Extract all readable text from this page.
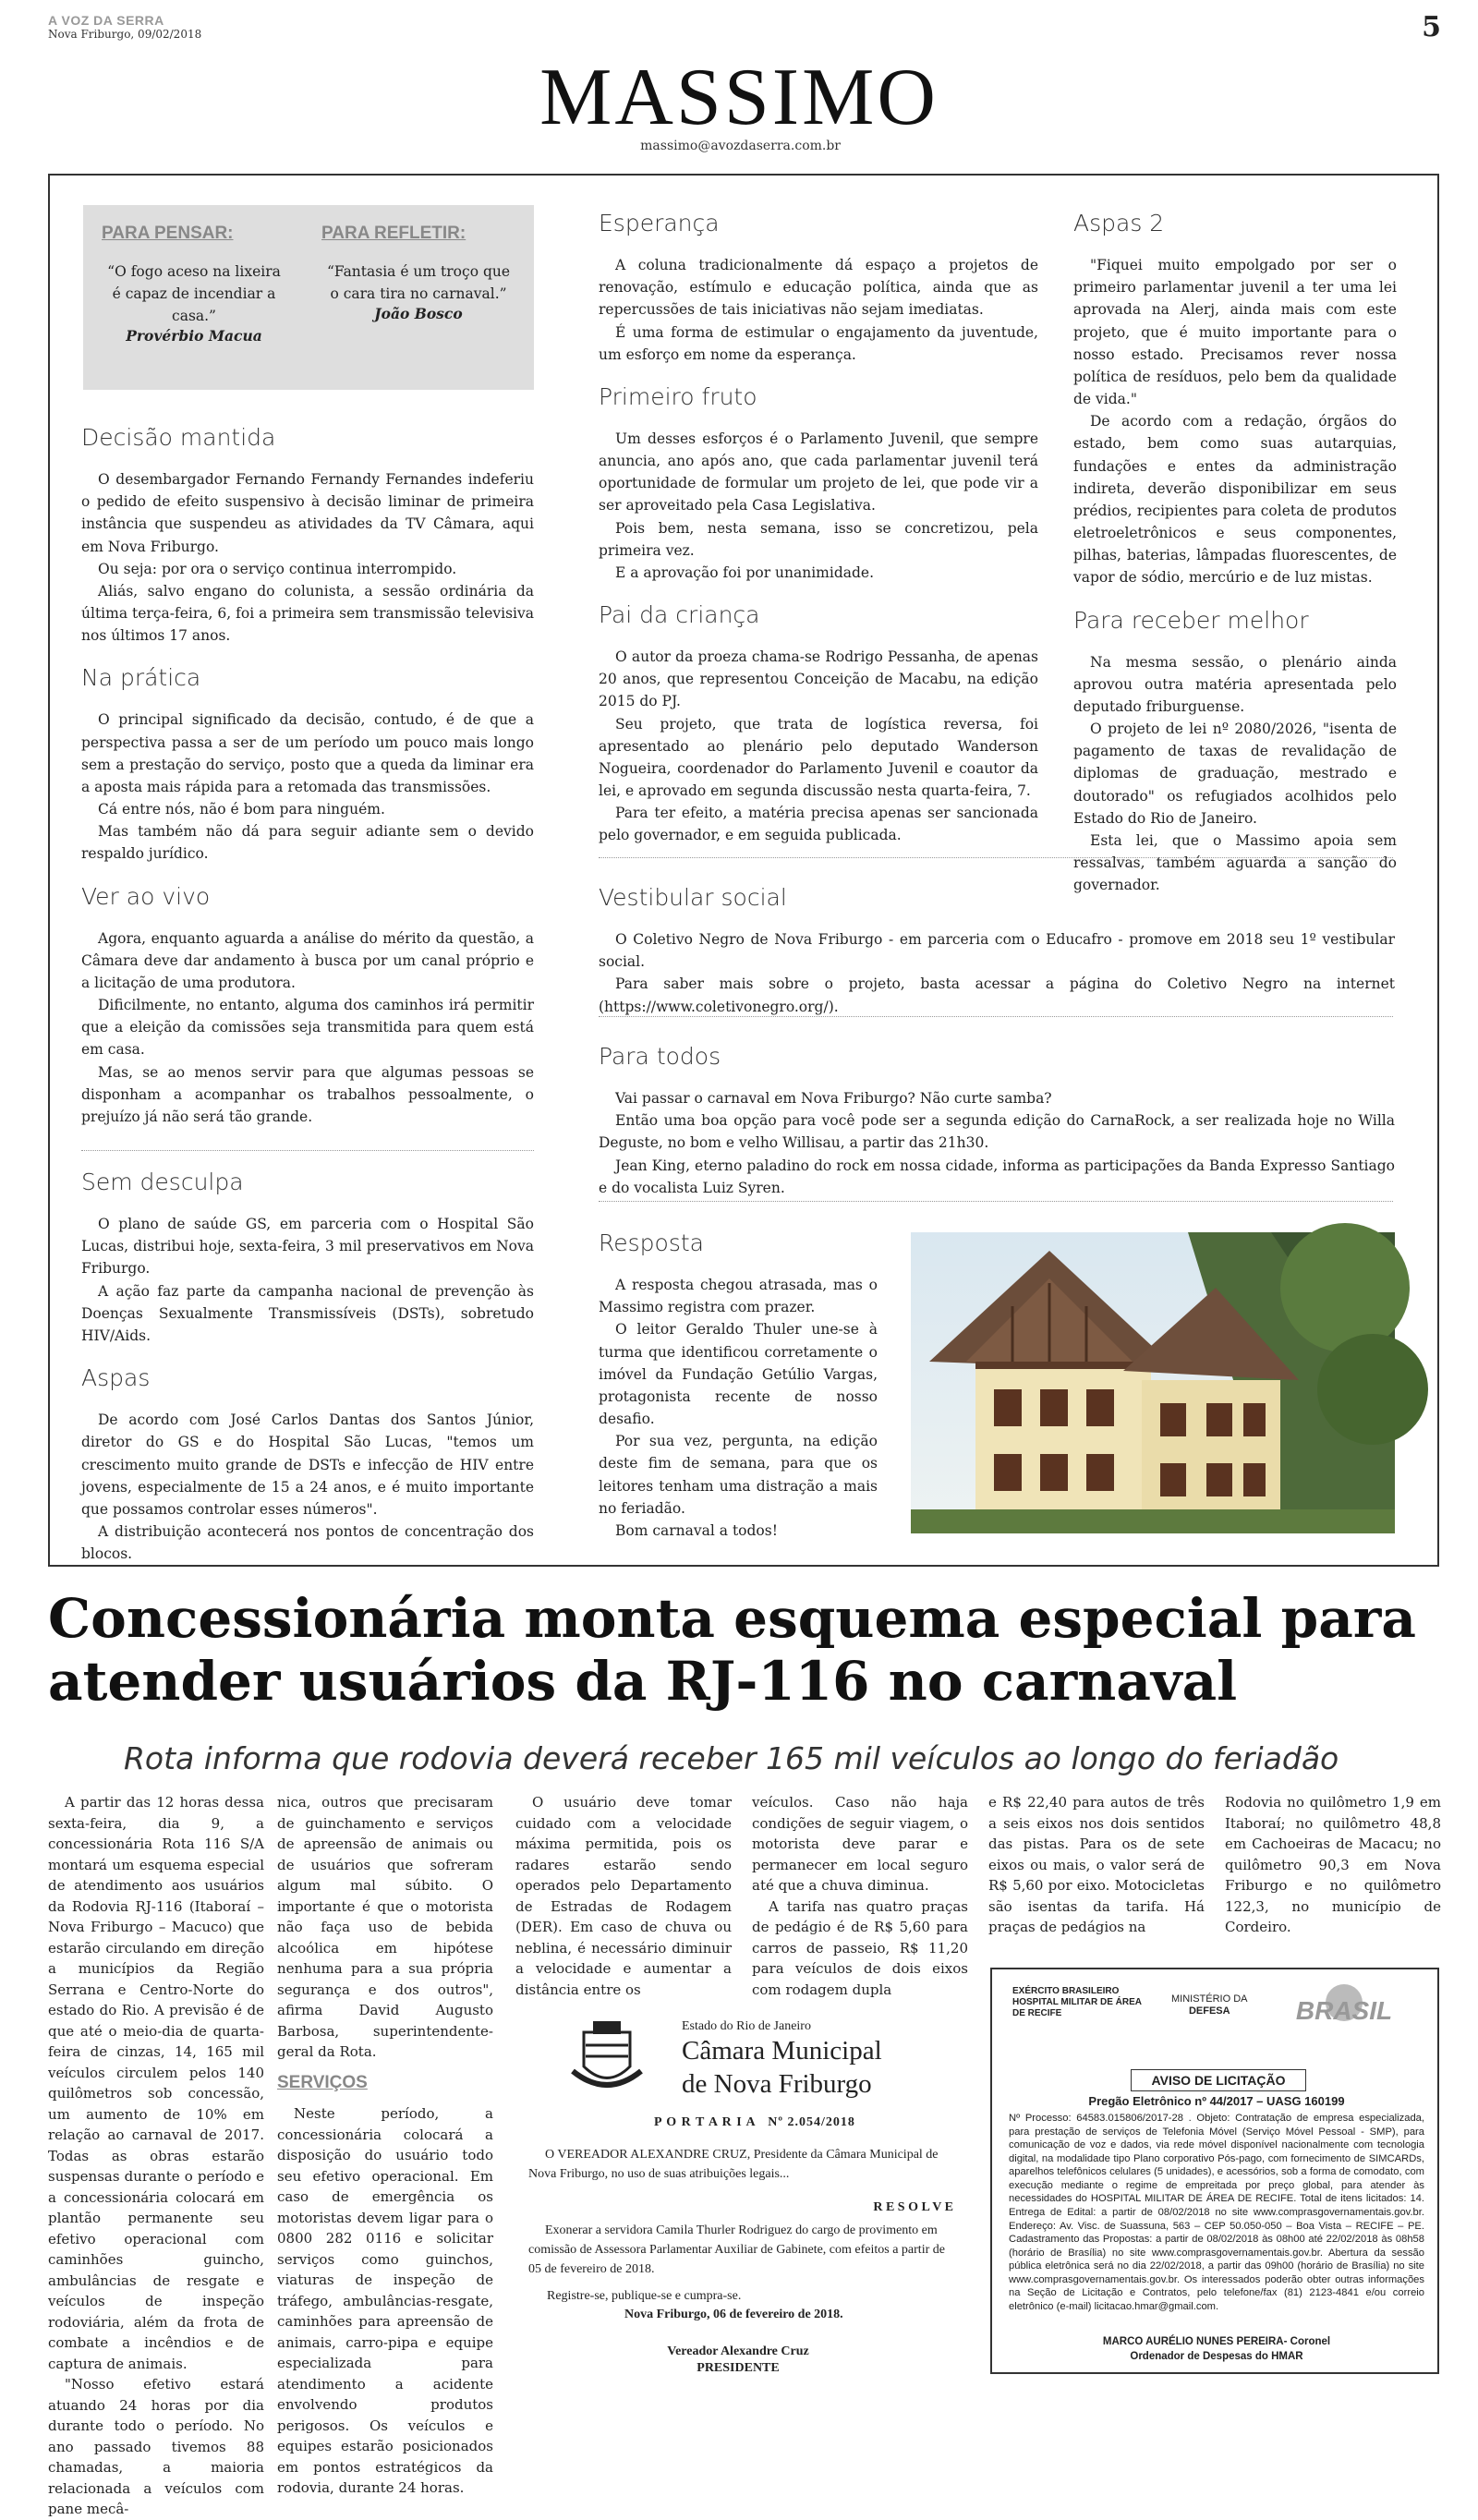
A VOZ DA SERRA
Nova Friburgo, 09/02/2018	5
MASSIMO
massimo@avozdaserra.com.br
PARA PENSAR:
“O fogo aceso na lixeira é capaz de incendiar a casa.”
Provérbio Macua
PARA REFLETIR:
“Fantasia é um troço que o cara tira no carnaval.”
João Bosco
Decisão mantida

O desembargador Fernando Fernandy Fernandes indeferiu o pedido de efeito suspensivo à decisão liminar de primeira instância que suspendeu as atividades da TV Câmara, aqui em Nova Friburgo.

Ou seja: por ora o serviço continua interrompido.

Aliás, salvo engano do colunista, a sessão ordinária da última terça-feira, 6, foi a primeira sem transmissão televisiva nos últimos 17 anos.

Na prática

O principal significado da decisão, contudo, é de que a perspectiva passa a ser de um período um pouco mais longo sem a prestação do serviço, posto que a queda da liminar era a aposta mais rápida para a retomada das transmissões.

Cá entre nós, não é bom para ninguém.

Mas também não dá para seguir adiante sem o devido respaldo jurídico.

Ver ao vivo

Agora, enquanto aguarda a análise do mérito da questão, a Câmara deve dar andamento à busca por um canal próprio e a licitação de uma produtora.

Dificilmente, no entanto, alguma dos caminhos irá permitir que a eleição da comissões seja transmitida para quem está em casa.

Mas, se ao menos servir para que algumas pessoas se disponham a acompanhar os trabalhos pessoalmente, o prejuízo já não será tão grande.

Sem desculpa

O plano de saúde GS, em parceria com o Hospital São Lucas, distribui hoje, sexta-feira, 3 mil preservativos em Nova Friburgo.

A ação faz parte da campanha nacional de prevenção às Doenças Sexualmente Transmissíveis (DSTs), sobretudo HIV/Aids.

Aspas

De acordo com José Carlos Dantas dos Santos Júnior, diretor do GS e do Hospital São Lucas, "temos um crescimento muito grande de DSTs e infecção de HIV entre jovens, especialmente de 15 a 24 anos, e é muito importante que possamos controlar esses números".

A distribuição acontecerá nos pontos de concentração dos blocos.

Esperança

A coluna tradicionalmente dá espaço a projetos de renovação, estímulo e educação política, ainda que as repercussões de tais iniciativas não sejam imediatas.

É uma forma de estimular o engajamento da juventude, um esforço em nome da esperança.

Primeiro fruto

Um desses esforços é o Parlamento Juvenil, que sempre anuncia, ano após ano, que cada parlamentar juvenil terá oportunidade de formular um projeto de lei, que pode vir a ser aproveitado pela Casa Legislativa.

Pois bem, nesta semana, isso se concretizou, pela primeira vez.

E a aprovação foi por unanimidade.

Pai da criança

O autor da proeza chama-se Rodrigo Pessanha, de apenas 20 anos, que representou Conceição de Macabu, na edição 2015 do PJ.

Seu projeto, que trata de logística reversa, foi apresentado ao plenário pelo deputado Wanderson Nogueira, coordenador do Parlamento Juvenil e coautor da lei, e aprovado em segunda discussão nesta quarta-feira, 7.

Para ter efeito, a matéria precisa apenas ser sancionada pelo governador, e em seguida publicada.

Aspas 2

"Fiquei muito empolgado por ser o primeiro parlamentar juvenil a ter uma lei aprovada na Alerj, ainda mais com este projeto, que é muito importante para o nosso estado. Precisamos rever nossa política de resíduos, pelo bem da qualidade de vida."

De acordo com a redação, órgãos do estado, bem como suas autarquias, fundações e entes da administração indireta, deverão disponibilizar em seus prédios, recipientes para coleta de produtos eletroeletrônicos e seus componentes, pilhas, baterias, lâmpadas fluorescentes, de vapor de sódio, mercúrio e de luz mistas.

Para receber melhor

Na mesma sessão, o plenário ainda aprovou outra matéria apresentada pelo deputado friburguense.

O projeto de lei nº 2080/2026, "isenta de pagamento de taxas de revalidação de diplomas de graduação, mestrado e doutorado" os refugiados acolhidos pelo Estado do Rio de Janeiro.

Esta lei, que o Massimo apoia sem ressalvas, também aguarda a sanção do governador.

Vestibular social

O Coletivo Negro de Nova Friburgo - em parceria com o Educafro - promove em 2018 seu 1º vestibular social.

Para saber mais sobre o projeto, basta acessar a página do Coletivo Negro na internet (https://www.coletivonegro.org/).

Para todos

Vai passar o carnaval em Nova Friburgo? Não curte samba?

Então uma boa opção para você pode ser a segunda edição do CarnaRock, a ser realizada hoje no Willa Deguste, no bom e velho Willisau, a partir das 21h30.

Jean King, eterno paladino do rock em nossa cidade, informa as participações da Banda Expresso Santiago e do vocalista Luiz Syren.

Resposta

A resposta chegou atrasada, mas o Massimo registra com prazer.

O leitor Geraldo Thuler une-se à turma que identificou corretamente o imóvel da Fundação Getúlio Vargas, protagonista recente de nosso desafio.

Por sua vez, pergunta, na edição deste fim de semana, para que os leitores tenham uma distração a mais no feriadão.

Bom carnaval a todos!

Concessionária monta esquema especial para atender usuários da RJ-116 no carnaval
Rota informa que rodovia deverá receber 165 mil veículos ao longo do feriadão

A partir das 12 horas dessa sexta-feira, dia 9, a concessionária Rota 116 S/A montará um esquema especial de atendimento aos usuários da Rodovia RJ-116 (Itaboraí – Nova Friburgo – Macuco) que estarão circulando em direção a municípios da Região Serrana e Centro-Norte do estado do Rio. A previsão é de que até o meio-dia de quarta-feira de cinzas, 14, 165 mil veículos circulem pelos 140 quilômetros sob concessão, um aumento de 10% em relação ao carnaval de 2017. Todas as obras estarão suspensas durante o período e a concessionária colocará em plantão permanente seu efetivo operacional com caminhões guincho, ambulâncias de resgate e veículos de inspeção rodoviária, além da frota de combate a incêndios e de captura de animais.

"Nosso efetivo estará atuando 24 horas por dia durante todo o período. No ano passado tivemos 88 chamadas, a maioria relacionada a veículos com pane mecâ-

nica, outros que precisaram de guinchamento e serviços de apreensão de animais ou de usuários que sofreram algum mal súbito. O importante é que o motorista não faça uso de bebida alcoólica em hipótese nenhuma para a sua própria segurança e dos outros", afirma David Augusto Barbosa, superintendente-geral da Rota.

SERVIÇOS

Neste período, a concessionária colocará a disposição do usuário todo seu efetivo operacional. Em caso de emergência os motoristas devem ligar para o 0800 282 0116 e solicitar serviços como guinchos, viaturas de inspeção de tráfego, ambulâncias-resgate, caminhões para apreensão de animais, carro-pipa e equipe especializada para atendimento a acidente envolvendo produtos perigosos. Os veículos e equipes estarão posicionados em pontos estratégicos da rodovia, durante 24 horas.

O usuário deve tomar cuidado com a velocidade máxima permitida, pois os radares estarão sendo operados pelo Departamento de Estradas de Rodagem (DER). Em caso de chuva ou neblina, é necessário diminuir a velocidade e aumentar a distância entre os

veículos. Caso não haja condições de seguir viagem, o motorista deve parar e permanecer em local seguro até que a chuva diminua.

A tarifa nas quatro praças de pedágio é de R$ 5,60 para carros de passeio, R$ 11,20 para veículos de dois eixos com rodagem dupla

e R$ 22,40 para autos de três a seis eixos nos dois sentidos das pistas. Para os de sete eixos ou mais, o valor será de R$ 5,60 por eixo. Motocicletas são isentas da tarifa. Há praças de pedágios na

Rodovia no quilômetro 1,9 em Itaboraí; no quilômetro 48,8 em Cachoeiras de Macacu; no quilômetro 90,3 em Nova Friburgo e no quilômetro 122,3, no município de Cordeiro.

Estado do Rio de Janeiro
Câmara Municipal
de Nova Friburgo
P O R T A R I A   Nº 2.054/2018
O VEREADOR ALEXANDRE CRUZ, Presidente da Câmara Municipal de Nova Friburgo, no uso de suas atribuições legais...
R E S O L V E
Exonerar a servidora Camila Thurler Rodriguez do cargo de provimento em comissão de Assessora Parlamentar Auxiliar de Gabinete, com efeitos a partir de 05 de fevereiro de 2018.
Registre-se, publique-se e cumpra-se.
Nova Friburgo, 06 de fevereiro de 2018.
Vereador Alexandre Cruz
PRESIDENTE
EXÉRCITO BRASILEIRO
HOSPITAL MILITAR DE ÁREA
DE RECIFE
MINISTÉRIO DA
DEFESA	BRASIL
AVISO DE LICITAÇÃO
Pregão Eletrônico nº 44/2017 – UASG 160199
Nº Processo: 64583.015806/2017-28 . Objeto: Contratação de empresa especializada, para prestação de serviços de Telefonia Móvel (Serviço Móvel Pessoal - SMP), para comunicação de voz e dados, via rede móvel disponível nacionalmente com tecnologia digital, na modalidade tipo Plano corporativo Pós-pago, com fornecimento de SIMCARDs, aparelhos telefônicos celulares (5 unidades), e acessórios, sob a forma de comodato, com execução mediante o regime de empreitada por preço global, para atender às necessidades do HOSPITAL MILITAR DE ÁREA DE RECIFE. Total de itens licitados: 14. Entrega de Edital: a partir de 08/02/2018 no site www.comprasgovernamentais.gov.br. Endereço: Av. Visc. de Suassuna, 563 – CEP 50.050-050 – Boa Vista – RECIFE – PE. Cadastramento das Propostas: a partir de 08/02/2018 às 08h00 até 22/02/2018 às 08h58 (horário de Brasília) no site www.comprasgovernamentais.gov.br. Abertura da sessão pública eletrônica será no dia 22/02/2018, a partir das 09h00 (horário de Brasília) no site www.comprasgovernamentais.gov.br. Os interessados poderão obter outras informações na Seção de Licitação e Contratos, pelo telefone/fax (81) 2123-4841 e/ou correio eletrônico (e-mail) licitacao.hmar@gmail.com.
MARCO AURÉLIO NUNES PEREIRA- Coronel
Ordenador de Despesas do HMAR
